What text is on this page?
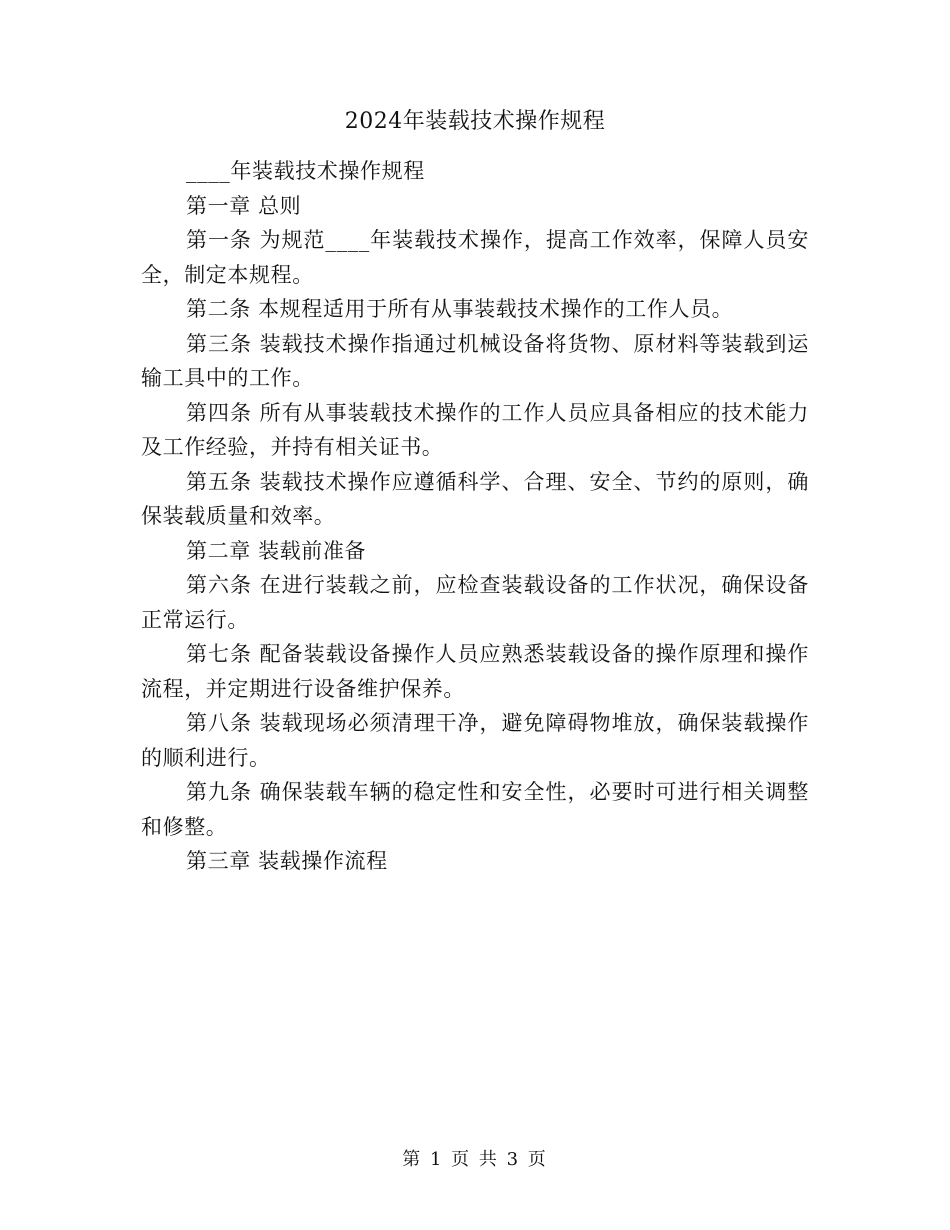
2024年装载技术操作规程

____年装载技术操作规程

第一章 总则

第一条 为规范____年装载技术操作，提高工作效率，保障人员安全，制定本规程。

第二条 本规程适用于所有从事装载技术操作的工作人员。

第三条 装载技术操作指通过机械设备将货物、原材料等装载到运输工具中的工作。

第四条 所有从事装载技术操作的工作人员应具备相应的技术能力及工作经验，并持有相关证书。

第五条 装载技术操作应遵循科学、合理、安全、节约的原则，确保装载质量和效率。

第二章 装载前准备

第六条 在进行装载之前，应检查装载设备的工作状况，确保设备正常运行。

第七条 配备装载设备操作人员应熟悉装载设备的操作原理和操作流程，并定期进行设备维护保养。

第八条 装载现场必须清理干净，避免障碍物堆放，确保装载操作的顺利进行。

第九条 确保装载车辆的稳定性和安全性，必要时可进行相关调整和修整。

第三章 装载操作流程

第 1 页 共 3 页
